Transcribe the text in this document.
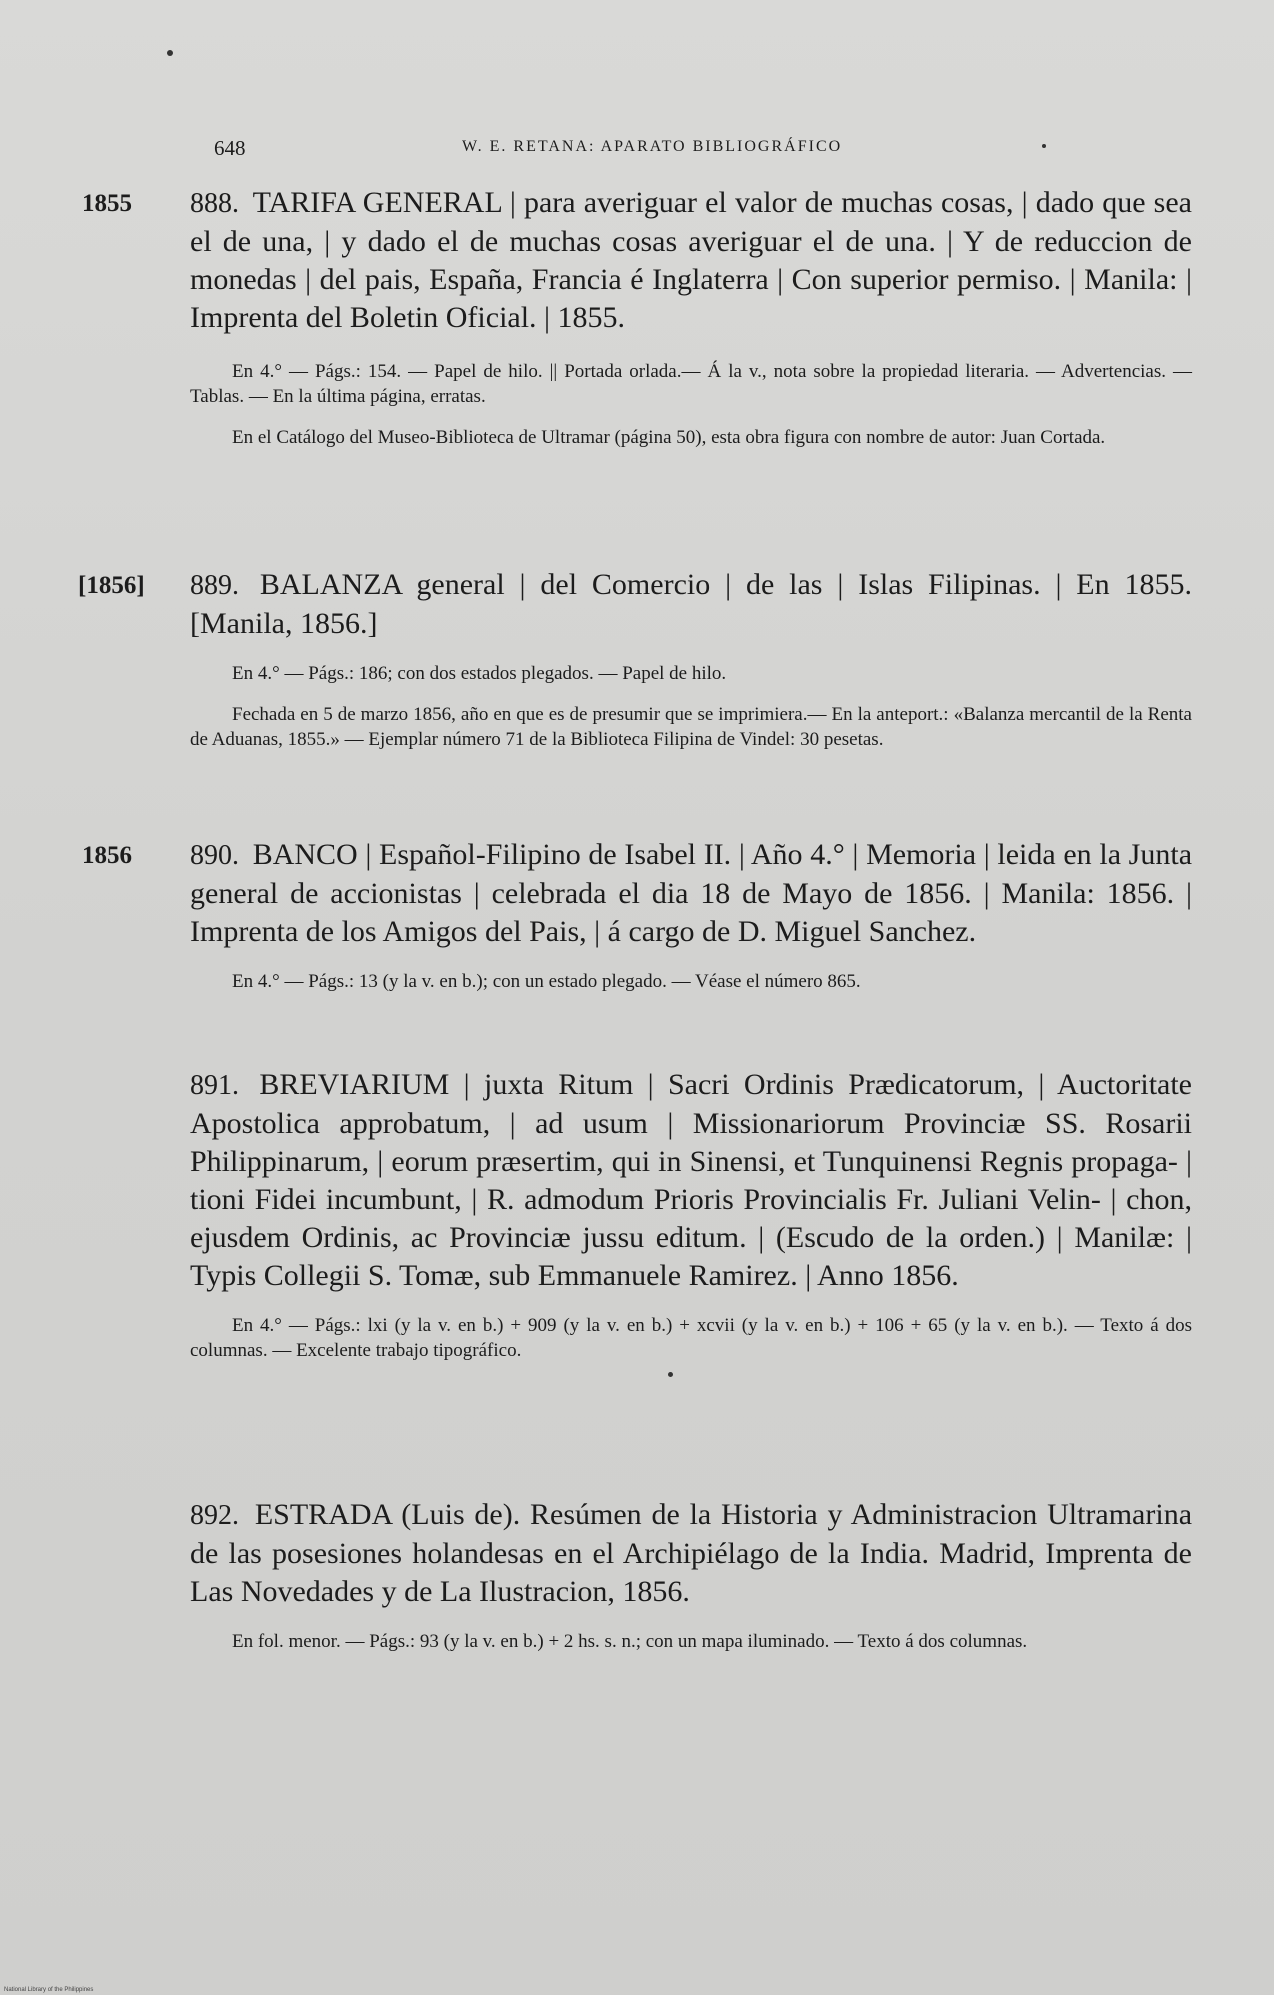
648	W. E. RETANA: APARATO BIBLIOGRÁFICO
1855 888. TARIFA GENERAL | para averiguar el valor de muchas cosas, | dado que sea el de una, | y dado el de muchas cosas averiguar el de una. | Y de reduccion de monedas | del pais, España, Francia é Inglaterra | Con superior permiso. | Manila: | Imprenta del Boletin Oficial. | 1855.
En 4.° — Págs.: 154. — Papel de hilo. || Portada orlada.— Á la v., nota sobre la propiedad literaria. — Advertencias. — Tablas. — En la última página, erratas.
En el Catálogo del Museo-Biblioteca de Ultramar (página 50), esta obra figura con nombre de autor: Juan Cortada.
[1856] 889. BALANZA general | del Comercio | de las | Islas Filipinas. | En 1855. [Manila, 1856.]
En 4.° — Págs.: 186; con dos estados plegados. — Papel de hilo.
Fechada en 5 de marzo 1856, año en que es de presumir que se imprimiera.— En la anteport.: «Balanza mercantil de la Renta de Aduanas, 1855.» — Ejemplar número 71 de la Biblioteca Filipina de Vindel: 30 pesetas.
1856 890. BANCO | Español-Filipino de Isabel II. | Año 4.° | Memoria | leida en la Junta general de accionistas | celebrada el dia 18 de Mayo de 1856. | Manila: 1856. | Imprenta de los Amigos del Pais, | á cargo de D. Miguel Sanchez.
En 4.° — Págs.: 13 (y la v. en b.); con un estado plegado. — Véase el número 865.
891. BREVIARIUM | juxta Ritum | Sacri Ordinis Prædicatorum, | Auctoritate Apostolica approbatum, | ad usum | Missionariorum Provinciæ SS. Rosarii Philippinarum, | eorum præsertim, qui in Sinensi, et Tunquinensi Regnis propaga- | tioni Fidei incumbunt, | R. admodum Prioris Provincialis Fr. Juliani Velin- | chon, ejusdem Ordinis, ac Provinciæ jussu editum. | (Escudo de la orden.) | Manilæ: | Typis Collegii S. Tomæ, sub Emmanuele Ramirez. | Anno 1856.
En 4.° — Págs.: lxi (y la v. en b.) + 909 (y la v. en b.) + xcvii (y la v. en b.) + 106 + 65 (y la v. en b.). — Texto á dos columnas. — Excelente trabajo tipográfico.
892. ESTRADA (Luis de). Resúmen de la Historia y Administracion Ultramarina de las posesiones holandesas en el Archipiélago de la India. Madrid, Imprenta de Las Novedades y de La Ilustracion, 1856.
En fol. menor. — Págs.: 93 (y la v. en b.) + 2 hs. s. n.; con un mapa iluminado. — Texto á dos columnas.
National Library of the Philippines
